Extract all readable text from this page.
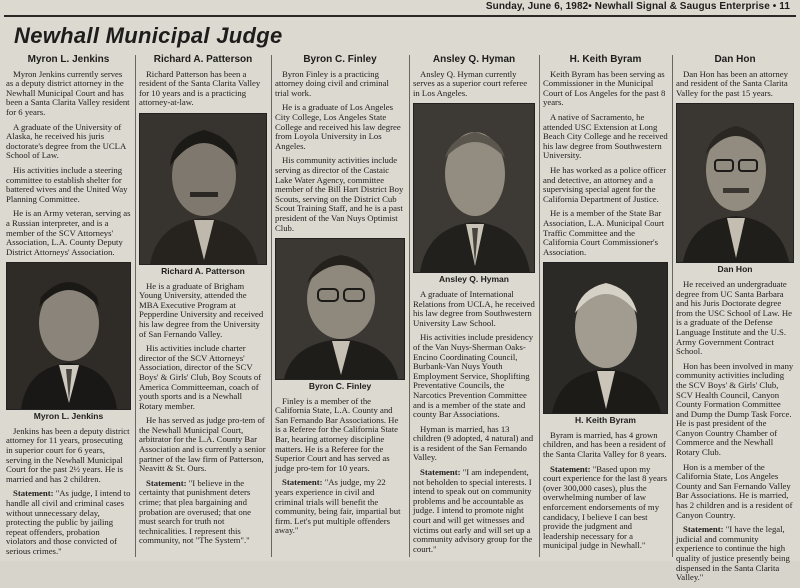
Sunday, June 6, 1982• Newhall Signal & Saugus Enterprise • 11
Newhall Municipal Judge

Myron L. Jenkins

Myron Jenkins currently serves as a deputy district attorney in the Newhall Municipal Court and has been a Santa Clarita Valley resident for 6 years.

A graduate of the University of Alaska, he received his juris doctorate's degree from the UCLA School of Law.

His activities include a steering committee to establish shelter for battered wives and the United Way Planning Committee.

He is an Army veteran, serving as a Russian interpreter, and is a member of the SCV Attorneys' Association, L.A. County Deputy District Attorneys' Association.

Myron L. Jenkins

Jenkins has been a deputy district attorney for 11 years, prosecuting in superior court for 6 years, serving in the Newhall Municipal Court for the past 2½ years. He is married and has 2 children.

Statement: "As judge, I intend to handle all civil and criminal cases without unnecessary delay, protecting the public by jailing repeat offenders, probation violators and those convicted of serious crimes."

Richard A. Patterson

Richard Patterson has been a resident of the Santa Clarita Valley for 10 years and is a practicing attorney-at-law.

Richard A. Patterson

He is a graduate of Brigham Young University, attended the MBA Executive Program at Pepperdine University and received his law degree from the University of San Fernando Valley.

His activities include charter director of the SCV Attorneys' Association, director of the SCV Boys' & Girls' Club, Boy Scouts of America Committeeman, coach of youth sports and is a Newhall Rotary member.

He has served as judge pro-tem of the Newhall Municipal Court, arbitrator for the L.A. County Bar Association and is currently a senior partner of the law firm of Patterson, Neavitt & St. Ours.

Statement: "I believe in the certainty that punishment deters crime; that plea bargaining and probation are overused; that one must search for truth not technicalities. I represent this community, not "The System"."

Byron C. Finley

Byron Finley is a practicing attorney doing civil and criminal trial work.

He is a graduate of Los Angeles City College, Los Angeles State College and received his law degree from Loyola University in Los Angeles.

His community activities include serving as director of the Castaic Lake Water Agency, committee member of the Bill Hart District Boy Scouts, serving on the District Cub Scout Training Staff, and he is a past president of the Van Nuys Optimist Club.

Byron C. Finley

Finley is a member of the California State, L.A. County and San Fernando Bar Associations. He is a Referee for the California State Bar, hearing attorney discipline matters. He is a Referee for the Superior Court and has served as judge pro-tem for 10 years.

Statement: "As judge, my 22 years experience in civil and criminal trials will benefit the community, being fair, impartial but firm. Let's put multiple offenders away."

Ansley Q. Hyman

Ansley Q. Hyman currently serves as a superior court referee in Los Angeles.

Ansley Q. Hyman

A graduate of International Relations from UCLA, he received his law degree from Southwestern University Law School.

His activities include presidency of the Van Nuys-Sherman Oaks-Encino Coordinating Council, Burbank-Van Nuys Youth Employment Service, Shoplifting Preventative Councils, the Narcotics Prevention Committee and is a member of the state and county Bar Associations.

Hyman is married, has 13 children (9 adopted, 4 natural) and is a resident of the San Fernando Valley.

Statement: "I am independent, not beholden to special interests. I intend to speak out on community problems and be accountable as judge. I intend to promote night court and will get witnesses and victims out early and will set up a community advisory group for the court."

H. Keith Byram

Keith Byram has been serving as Commissioner in the Municipal Court of Los Angeles for the past 8 years.

A native of Sacramento, he attended USC Extension at Long Beach City College and he received his law degree from Southwestern University.

He has worked as a police officer and detective, an attorney and a supervising special agent for the California Department of Justice.

He is a member of the State Bar Association, L.A. Municipal Court Traffic Committee and the California Court Commissioner's Association.

H. Keith Byram

Byram is married, has 4 grown children, and has been a resident of the Santa Clarita Valley for 8 years.

Statement: "Based upon my court experience for the last 8 years (over 300,000 cases), plus the overwhelming number of law enforcement endorsements of my candidacy, I believe I can best provide the judgment and leadership necessary for a municipal judge in Newhall."

Dan Hon

Dan Hon has been an attorney and resident of the Santa Clarita Valley for the past 15 years.

Dan Hon

He received an undergraduate degree from UC Santa Barbara and his Juris Doctorate degree from the USC School of Law. He is a graduate of the Defense Language Institute and the U.S. Army Government Contract School.

Hon has been involved in many community activities including the SCV Boys' & Girls' Club, SCV Health Council, Canyon County Formation Committee and Dump the Dump Task Force. He is past president of the Canyon Country Chamber of Commerce and the Newhall Rotary Club.

Hon is a member of the California State, Los Angeles County and San Fernando Valley Bar Associations. He is married, has 2 children and is a resident of Canyon Country.

Statement: "I have the legal, judicial and community experience to continue the high quality of justice presently being dispensed in the Santa Clarita Valley."
